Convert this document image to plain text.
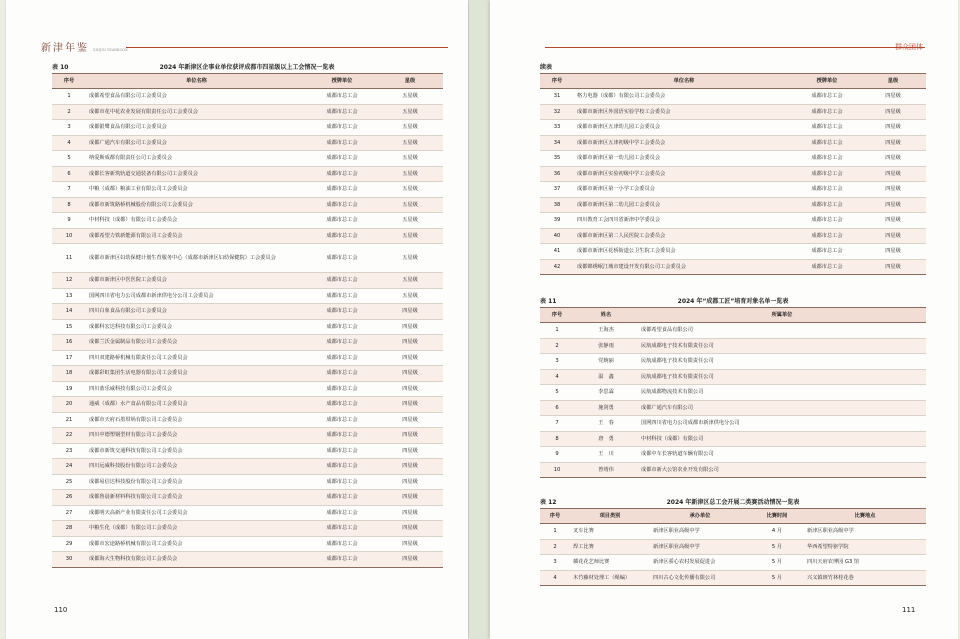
新津年鉴 XINJIN YEARBOOK
表 10	2024 年新津区企事业单位获评成都市四星级以上工会情况一览表
序号	单位名称	授牌单位	星级
1	成都希望食品有限公司工会委员会	成都市总工会	五星级
2	成都市花中花农业发展有限责任公司工会委员会	成都市总工会	五星级
3	成都银鹭食品有限公司工会委员会	成都市总工会	五星级
4	成都广通汽车有限公司工会委员会	成都市总工会	五星级
5	纳爱斯成都有限责任公司工会委员会	成都市总工会	五星级
6	成都长客新筑轨道交通装备有限公司工会委员会	成都市总工会	五星级
7	中粮（成都）粮油工业有限公司工会委员会	成都市总工会	五星级
8	成都市新筑路桥机械股份有限公司工会委员会	成都市总工会	五星级
9	中材科技（成都）有限公司工会委员会	成都市总工会	五星级
10	成都希望力铁新能源有限公司工会委员会	成都市总工会	五星级
11	成都市新津区妇幼保健计划生育服务中心（成都市新津区妇幼保健院）工会委员会	成都市总工会	五星级
12	成都市新津区中医医院工会委员会	成都市总工会	五星级
13	国网四川省电力公司成都市新津供电分公司工会委员会	成都市总工会	五星级
14	四川白象食品有限公司工会委员会	成都市总工会	四星级
15	成都科宏达科技有限公司工会委员会	成都市总工会	四星级
16	成都兰沃金属制品有限公司工会委员会	成都市总工会	四星级
17	四川双建路桥机械有限责任公司工会委员会	成都市总工会	四星级
18	成都彩虹集团生活电器有限公司工会委员会	成都市总工会	四星级
19	四川蓝乐威科技有限公司工会委员会	成都市总工会	四星级
20	通威（成都）水产食品有限公司工会委员会	成都市总工会	四星级
21	成都市天府石墨坩埚有限公司工会委员会	成都市总工会	四星级
22	四川中德塑钢型材有限公司工会委员会	成都市总工会	四星级
23	成都市新筑交通科技有限公司工会委员会	成都市总工会	四星级
24	四川远威科技股份有限公司工会委员会	成都市总工会	四星级
25	成都易信达科技股份有限公司工会委员会	成都市总工会	四星级
26	成都鲁晨新材料科技有限公司工会委员会	成都市总工会	四星级
27	成都明天高新产业有限责任公司工会委员会	成都市总工会	四星级
28	中粮生化（成都）有限公司工会委员会	成都市总工会	四星级
29	成都市宏途路桥机械有限公司工会委员会	成都市总工会	四星级
30	成都海大生物科技有限公司工会委员会	成都市总工会	四星级
110
群众团体
续表
序号	单位名称	授牌单位	星级
31	格力电器（成都）有限公司工会委员会	成都市总工会	四星级
32	成都市新津区外国语实验学校工会委员会	成都市总工会	四星级
33	成都市新津区五津幼儿园工会委员会	成都市总工会	四星级
34	成都市新津区五津初级中学工会委员会	成都市总工会	四星级
35	成都市新津区第一幼儿园工会委员会	成都市总工会	四星级
36	成都市新津区实验初级中学工会委员会	成都市总工会	四星级
37	成都市新津区第一小学工会委员会	成都市总工会	四星级
38	成都市新津区第二幼儿园工会委员会	成都市总工会	四星级
39	四川教育工会四川省新津中学委员会	成都市总工会	四星级
40	成都市新津区第二人民医院工会委员会	成都市总工会	四星级
41	成都市新津区花桥街道公卫生院工会委员会	成都市总工会	四星级
42	成都锦绣岷江城市建设开发有限公司工会委员会	成都市总工会	四星级
表 11	2024 年“成都工匠”培育对象名单一览表
序号	姓名	所属单位
1	王海杰	成都希望食品有限公司
2	张静雨	民航成都电子技术有限责任公司
3	党婉丽	民航成都电子技术有限责任公司
4	温　鑫	民航成都电子技术有限责任公司
5	李思霖	民航成都物流技术有限公司
6	施剑勇	成都广通汽车有限公司
7	王　春	国网四川省电力公司成都市新津供电分公司
8	唐　勇	中材科技（成都）有限公司
9	王　川	成都中车长客轨道车辆有限公司
10	曾靖伟	成都市新大公馆农业开发有限公司
表 12	2024 年新津区总工会开展二类赛活动情况一览表
序号	项目类别	承办单位	比赛时间	比赛地点
1	叉车比赛	新津区职业高级中学	4 月	新津区职业高级中学
2	焊工比赛	新津区职业高级中学	5 月	华西希望特驱学院
3	插花花艺师比赛	新津区骄心农村发展促进会	5 月	四川天府农博园 G3 馆
4	木竹藤材处理工（绳编）	四川古心文化传播有限公司	5 月	兴义镇斑竹林桂花巷
111
